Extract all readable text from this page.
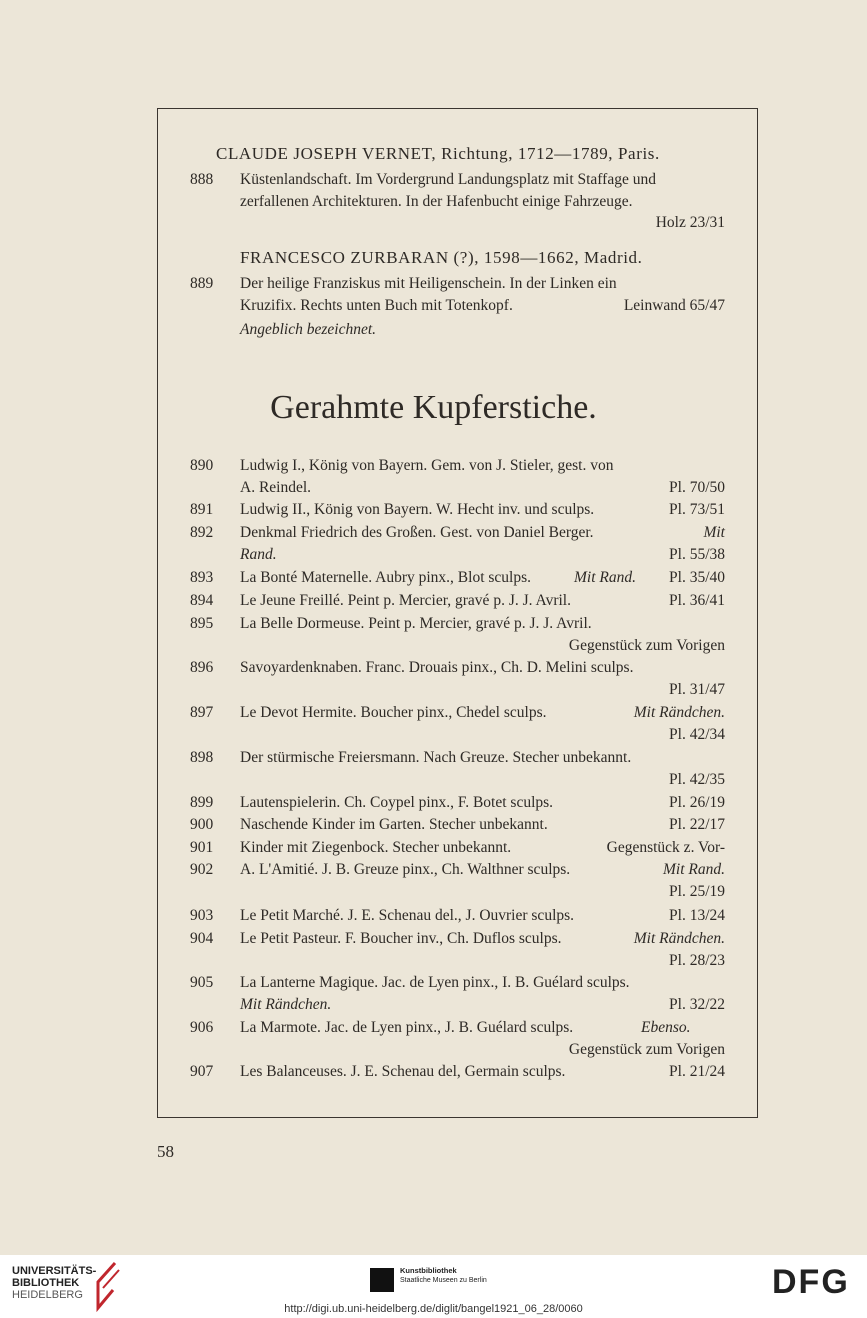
CLAUDE JOSEPH VERNET, Richtung, 1712—1789, Paris.
888	Küstenlandschaft. Im Vordergrund Landungsplatz mit Staffage und
zerfallenen Architekturen. In der Hafenbucht einige Fahrzeuge.
Holz 23/31
FRANCESCO ZURBARAN (?), 1598—1662, Madrid.
889	Der heilige Franziskus mit Heiligenschein. In der Linken ein
Kruzifix. Rechts unten Buch mit Totenkopf.	Leinwand 65/47
Angeblich bezeichnet.
Gerahmte Kupferstiche.
890	Ludwig I., König von Bayern. Gem. von J. Stieler, gest. von
A. Reindel.	Pl. 70/50
891	Ludwig II., König von Bayern. W. Hecht inv. und sculps.	Pl. 73/51
892	Denkmal Friedrich des Großen. Gest. von Daniel Berger.	Mit
Rand.	Pl. 55/38
893	La Bonté Maternelle. Aubry pinx., Blot sculps.	Mit Rand. Pl. 35/40
894	Le Jeune Freillé. Peint p. Mercier, gravé p. J. J. Avril.	Pl. 36/41
895	La Belle Dormeuse. Peint p. Mercier, gravé p. J. J. Avril.
Gegenstück zum Vorigen
896	Savoyardenknaben. Franc. Drouais pinx., Ch. D. Melini sculps.
Pl. 31/47
897	Le Devot Hermite. Boucher pinx., Chedel sculps.	Mit Rändchen.
Pl. 42/34
898	Der stürmische Freiersmann. Nach Greuze. Stecher unbekannt.
Pl. 42/35
899	Lautenspielerin. Ch. Coypel pinx., F. Botet sculps.	Pl. 26/19
900	Naschende Kinder im Garten. Stecher unbekannt.	Pl. 22/17
901	Kinder mit Ziegenbock. Stecher unbekannt.	Gegenstück z. Vor-
902	A. L'Amitié. J. B. Greuze pinx., Ch. Walthner sculps.	Mit Rand.
Pl. 25/19
903	Le Petit Marché. J. E. Schenau del., J. Ouvrier sculps.	Pl. 13/24
904	Le Petit Pasteur. F. Boucher inv., Ch. Duflos sculps.	Mit Rändchen.
Pl. 28/23
905	La Lanterne Magique. Jac. de Lyen pinx., I. B. Guélard sculps.
Mit Rändchen.	Pl. 32/22
906	La Marmote. Jac. de Lyen pinx., J. B. Guélard sculps.	Ebenso.
Gegenstück zum Vorigen
907	Les Balanceuses. J. E. Schenau del, Germain sculps.	Pl. 21/24
58
UNIVERSITÄTS-
BIBLIOTHEK
HEIDELBERG
Kunstbibliothek
Staatliche Museen zu Berlin	DFG
http://digi.ub.uni-heidelberg.de/diglit/bangel1921_06_28/0060
